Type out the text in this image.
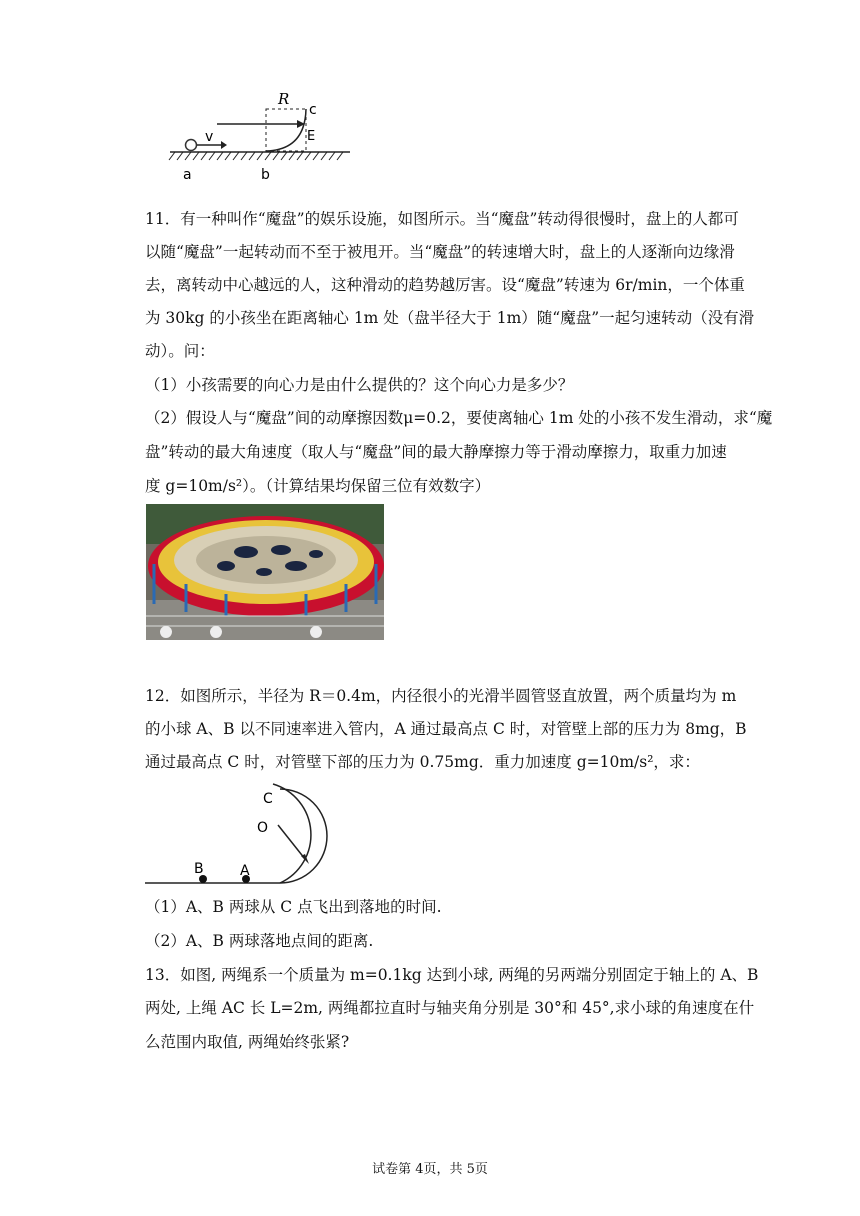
R
c
E
v
a	b
11．有一种叫作“魔盘”的娱乐设施，如图所示。当“魔盘”转动得很慢时，盘上的人都可
以随“魔盘”一起转动而不至于被甩开。当“魔盘”的转速增大时，盘上的人逐渐向边缘滑
去，离转动中心越远的人，这种滑动的趋势越厉害。设“魔盘”转速为 6r/min，一个体重
为 30kg 的小孩坐在距离轴心 1m 处（盘半径大于 1m）随“魔盘”一起匀速转动（没有滑
动）。问：
（1）小孩需要的向心力是由什么提供的？这个向心力是多少？
（2）假设人与“魔盘”间的动摩擦因数μ=0.2，要使离轴心 1m 处的小孩不发生滑动，求“魔
盘”转动的最大角速度（取人与“魔盘”间的最大静摩擦力等于滑动摩擦力，取重力加速
度 g=10m/s²）。（计算结果均保留三位有效数字）
12．如图所示，半径为 R＝0.4m，内径很小的光滑半圆管竖直放置，两个质量均为 m
的小球 A、B 以不同速率进入管内，A 通过最高点 C 时，对管壁上部的压力为 8mg，B
通过最高点 C 时，对管壁下部的压力为 0.75mg．重力加速度 g=10m/s²，求：
C
O
B	A
（1）A、B 两球从 C 点飞出到落地的时间.
（2）A、B 两球落地点间的距离.
13．如图, 两绳系一个质量为 m=0.1kg 达到小球, 两绳的另两端分别固定于轴上的 A、B
两处, 上绳 AC 长 L=2m, 两绳都拉直时与轴夹角分别是 30°和 45°,求小球的角速度在什
么范围内取值, 两绳始终张紧?
试卷第 4页，共 5页
